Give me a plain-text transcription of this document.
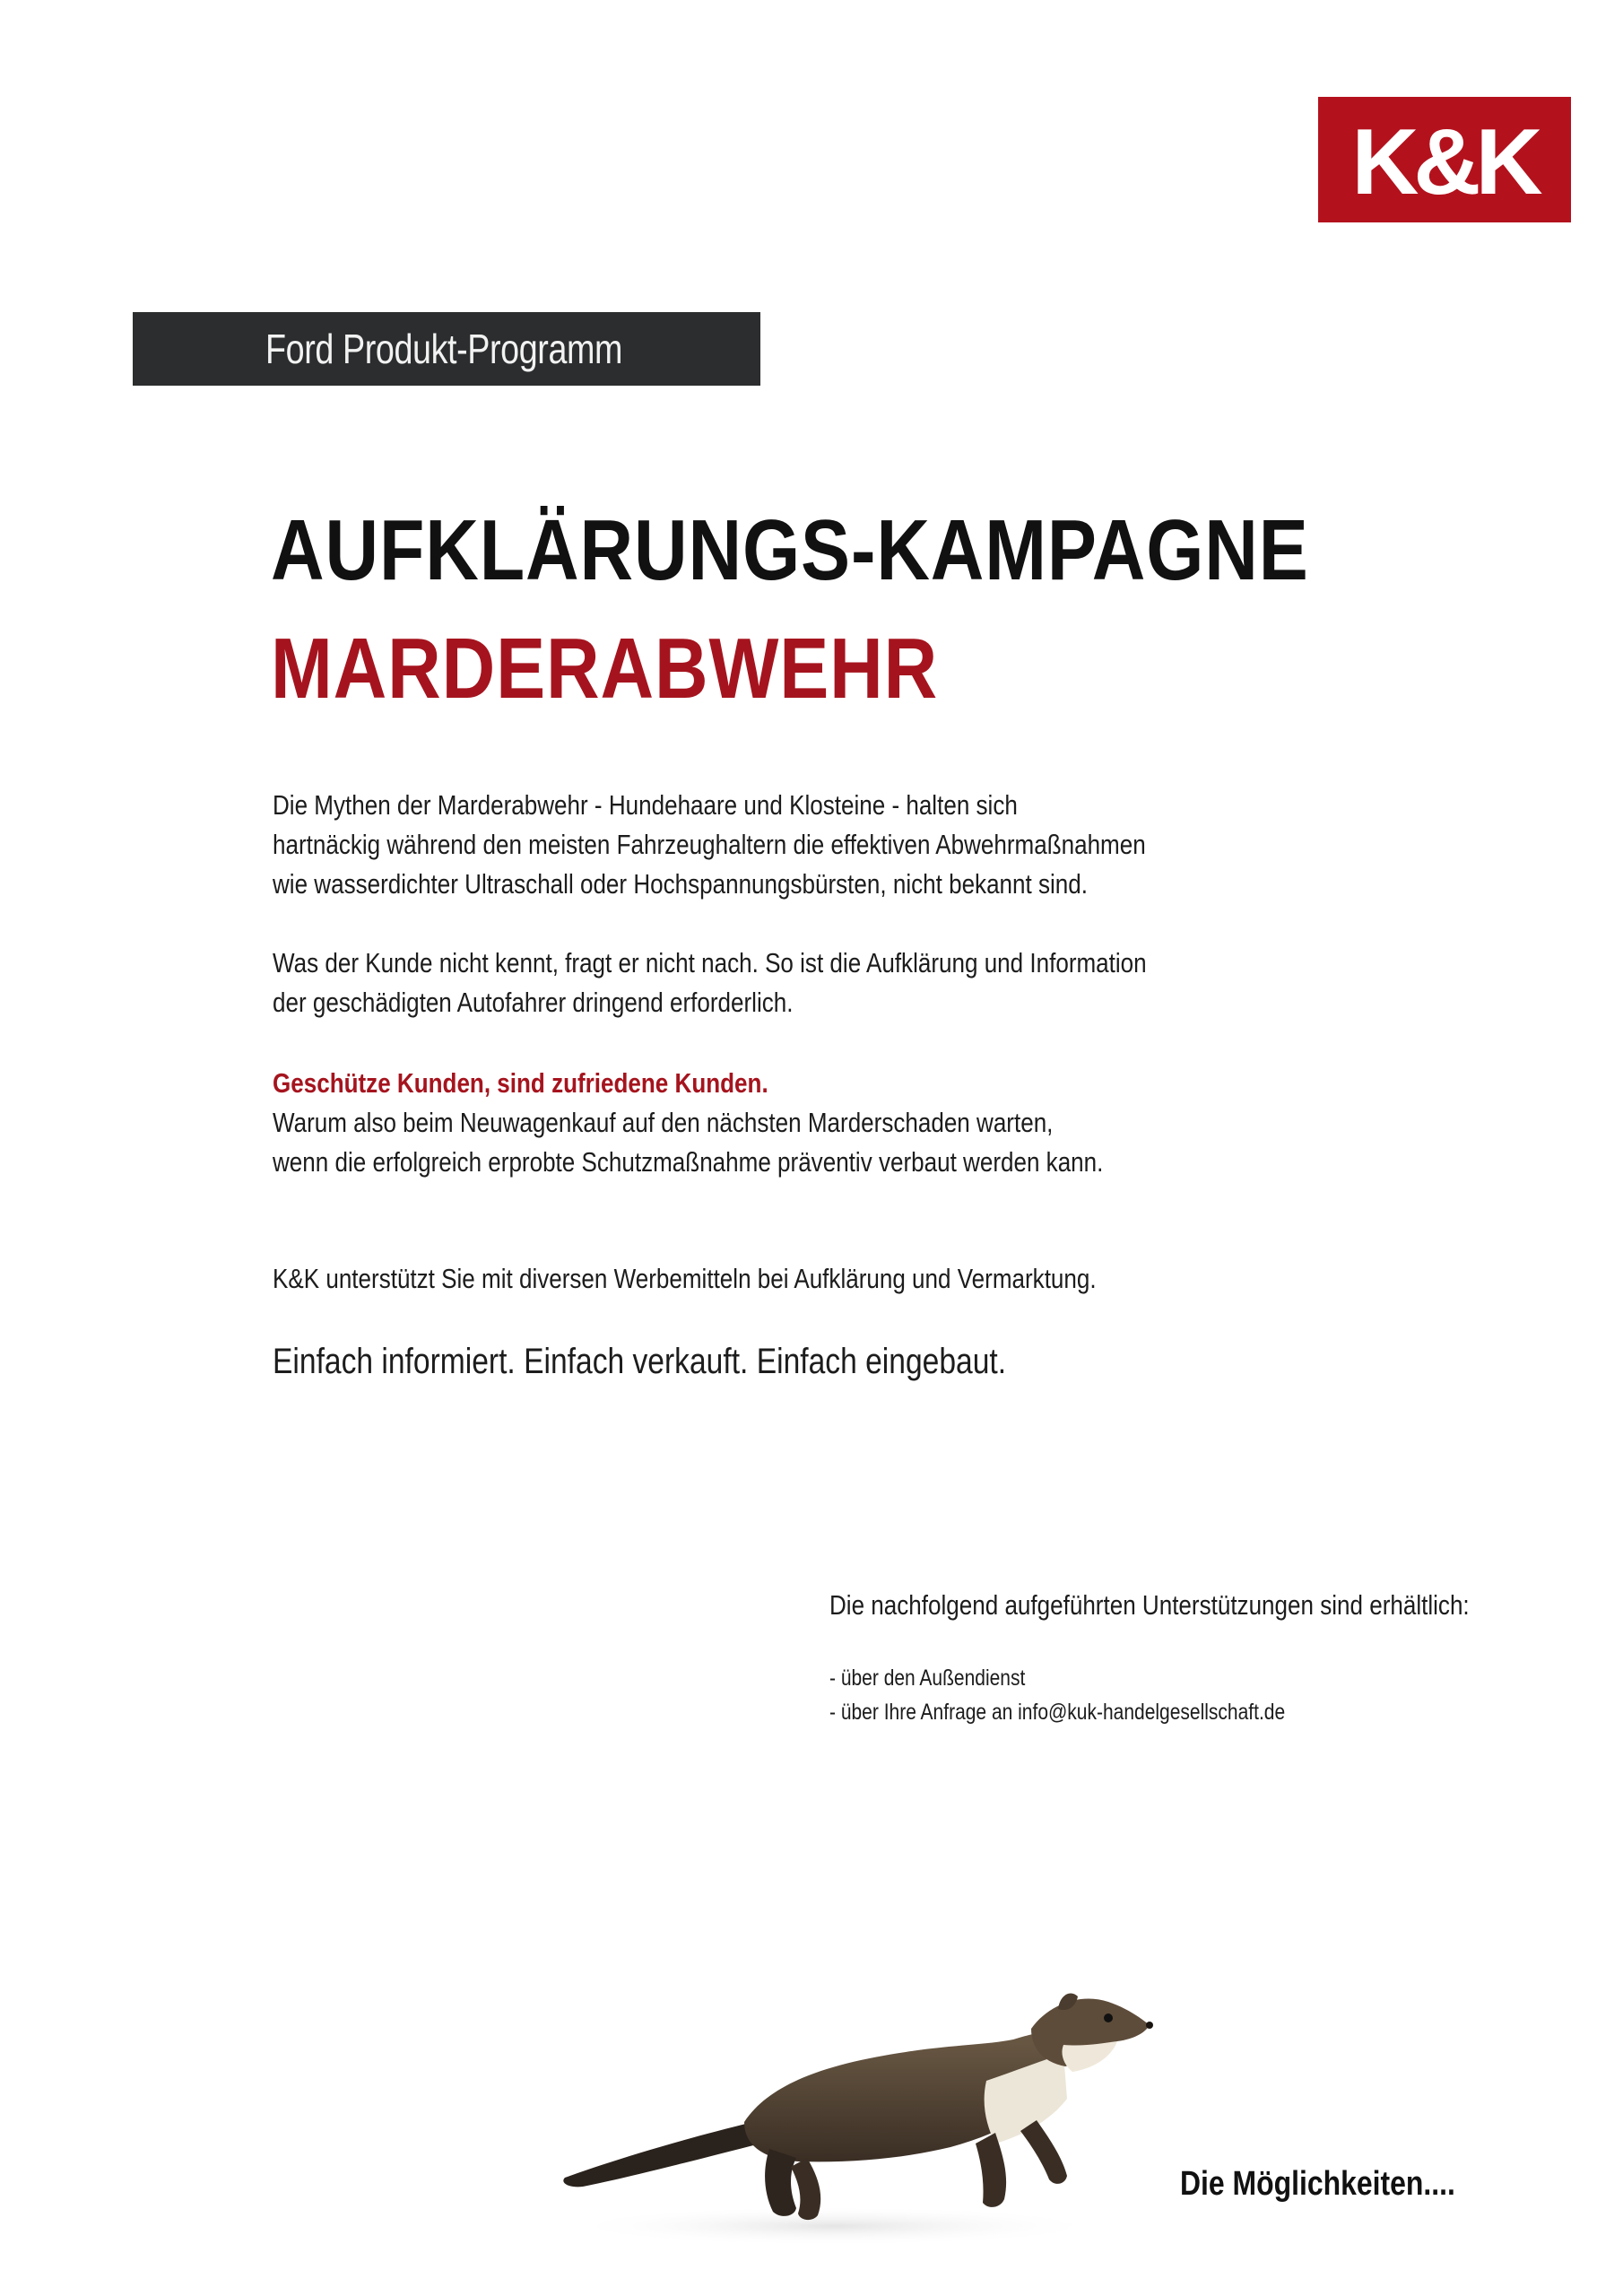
K&K
Ford Produkt-Programm
AUFKLÄRUNGS-KAMPAGNE
MARDERABWEHR
Die Mythen der Marderabwehr - Hundehaare und Klosteine - halten sich
hartnäckig während den meisten Fahrzeughaltern die effektiven Abwehrmaßnahmen
wie wasserdichter Ultraschall oder Hochspannungsbürsten, nicht bekannt sind.
Was der Kunde nicht kennt, fragt er nicht nach. So ist die Aufklärung und Information
der geschädigten Autofahrer dringend erforderlich.
Geschütze Kunden, sind zufriedene Kunden.
Warum also beim Neuwagenkauf auf den nächsten Marderschaden warten,
wenn die erfolgreich erprobte Schutzmaßnahme präventiv verbaut werden kann.
K&K unterstützt Sie mit diversen Werbemitteln bei Aufklärung und Vermarktung.
Einfach informiert. Einfach verkauft. Einfach eingebaut.
Die nachfolgend aufgeführten Unterstützungen sind erhältlich:
- über den Außendienst
- über Ihre Anfrage an info@kuk-handelgesellschaft.de
Die Möglichkeiten....
